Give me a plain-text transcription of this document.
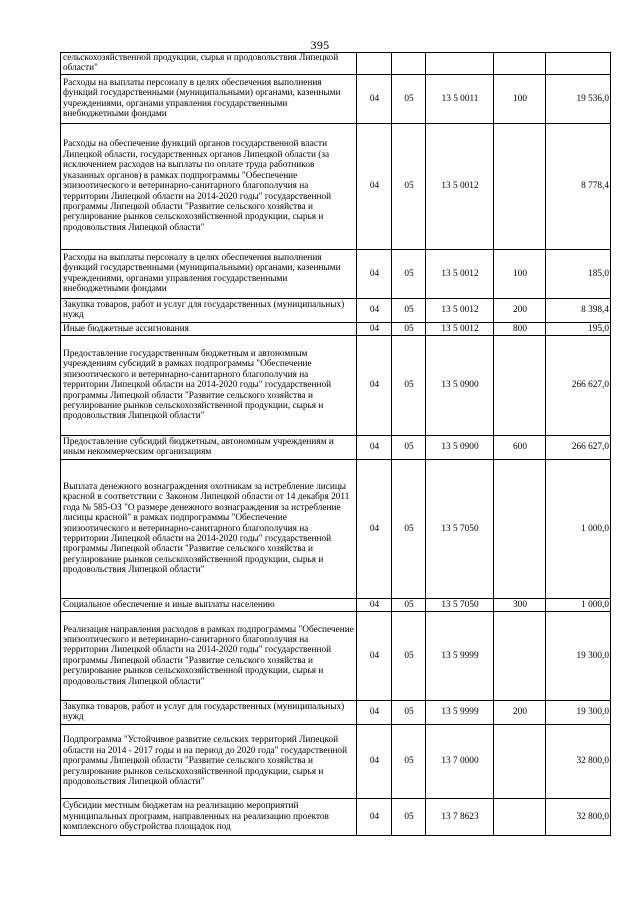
395
сельскохозяйственной продукции, сырья и продовольствия Липецкой области"					
Расходы на выплаты персоналу в целях обеспечения выполнения функций государственными (муниципальными) органами, казенными учреждениями, органами управления государственными внебюджетными фондами	04	05	13 5 0011	100	19 536,0
Расходы на обеспечение функций органов государственной власти Липецкой области, государственных органов Липецкой области (за исключением расходов на выплаты по оплате труда работников указанных органов) в рамках подпрограммы "Обеспечение эпизоотического и ветеринарно-санитарного благополучия на территории Липецкой области на 2014-2020 годы" государственной программы Липецкой области "Развитие сельского хозяйства и регулирование рынков сельскохозяйственной продукции, сырья и продовольствия Липецкой области"	04	05	13 5 0012		8 778,4
Расходы на выплаты персоналу в целях обеспечения выполнения функций государственными (муниципальными) органами, казенными учреждениями, органами управления государственными внебюджетными фондами	04	05	13 5 0012	100	185,0
Закупка товаров, работ и услуг для государственных (муниципальных) нужд	04	05	13 5 0012	200	8 398,4
Иные бюджетные ассигнования	04	05	13 5 0012	800	195,0
Предоставление государственным бюджетным и автономным учреждениям субсидий в рамках подпрограммы "Обеспечение эпизоотического и ветеринарно-санитарного благополучия на территории Липецкой области на 2014-2020 годы" государственной программы Липецкой области "Развитие сельского хозяйства и регулирование рынков сельскохозяйственной продукции, сырья и продовольствия Липецкой области"	04	05	13 5 0900		266 627,0
Предоставление субсидий бюджетным, автономным учреждениям и иным некоммерческим организациям	04	05	13 5 0900	600	266 627,0
Выплата денежного вознаграждения охотникам за истребление лисицы красной в соответствии с Законом Липецкой области от 14 декабря 2011 года № 585-ОЗ "О размере денежного вознаграждения за истребление лисицы красной" в рамках подпрограммы "Обеспечение эпизоотического и ветеринарно-санитарного благополучия на территории Липецкой области на 2014-2020 годы" государственной программы Липецкой области "Развитие сельского хозяйства и регулирование рынков сельскохозяйственной продукции, сырья и продовольствия Липецкой области"	04	05	13 5 7050		1 000,0
Социальное обеспечение и иные выплаты населению	04	05	13 5 7050	300	1 000,0
Реализация направления расходов в рамках подпрограммы "Обеспечение эпизоотического и ветеринарно-санитарного благополучия на территории Липецкой области на 2014-2020 годы" государственной программы Липецкой области "Развитие сельского хозяйства и регулирование рынков сельскохозяйственной продукции, сырья и продовольствия Липецкой области"	04	05	13 5 9999		19 300,0
Закупка товаров, работ и услуг для государственных (муниципальных) нужд	04	05	13 5 9999	200	19 300,0
Подпрограмма "Устойчивое развитие сельских территорий Липецкой области на 2014 - 2017 годы и на период до 2020 года" государственной программы Липецкой области "Развитие сельского хозяйства и регулирование рынков сельскохозяйственной продукции, сырья и продовольствия Липецкой области"	04	05	13 7 0000		32 800,0
Субсидии местным бюджетам на реализацию мероприятий муниципальных программ, направленных на реализацию проектов комплексного обустройства площадок под	04	05	13 7 8623		32 800,0
